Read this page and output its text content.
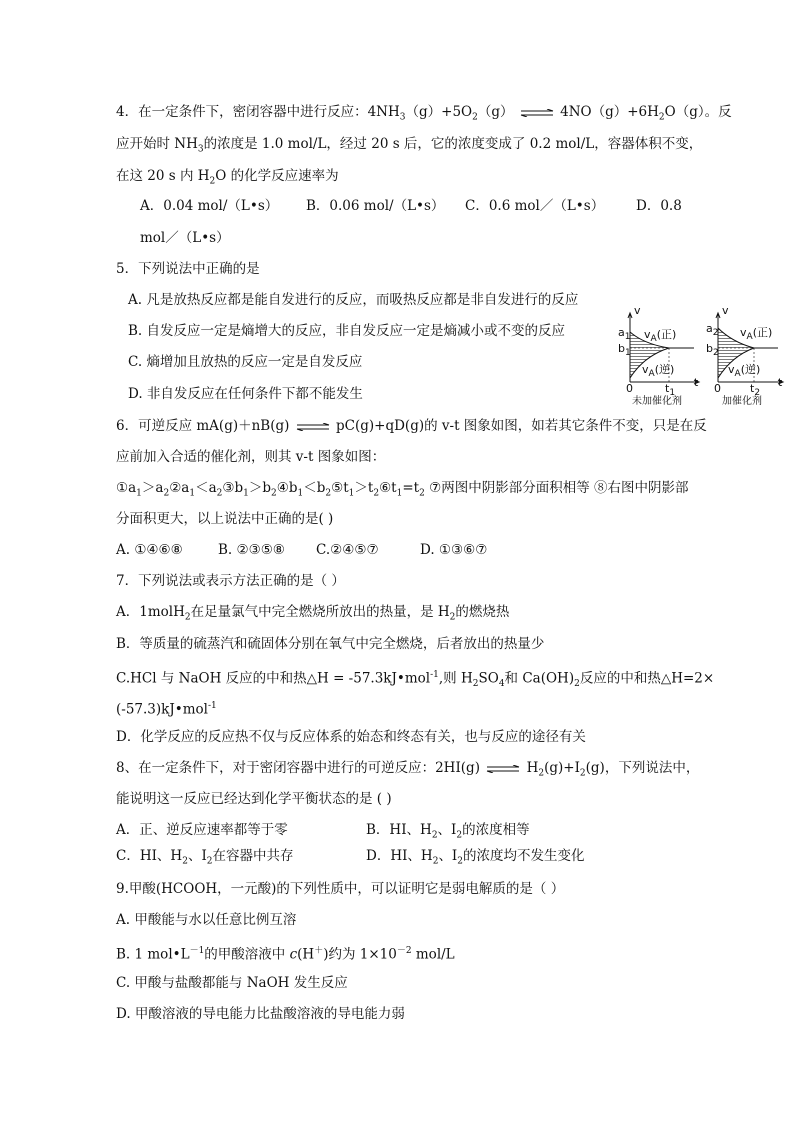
4．在一定条件下，密闭容器中进行反应：$4NH_3(g)+5O_2(g)$ ⇌ $4NO(g)+6H_2O(g)$。反
应开始时 $NH_3$的浓度是 1.0 mol/L，经过 20 s 后，它的浓度变成了 0.2 mol/L，容器体积不变，
在这 20 s 内 $H_2O$ 的化学反应速率为
A．0.04 mol/（L•s） B．0.06 mol/（L•s） C．0.6 mol／（L•s） D．0.8
mol／（L•s）
5．下列说法中正确的是
A. 凡是放热反应都是能自发进行的反应，而吸热反应都是非自发进行的反应
B. 自发反应一定是熵增大的反应，非自发反应一定是熵减小或不变的反应
C. 熵增加且放热的反应一定是自发反应
D. 非自发反应在任何条件下都不能发生
v
t
0
$a_1$
$b_1$
$t_1$
$v_A$(正)
$v_A$(逆)
v
t
0
$a_2$
$b_2$
$t_2$
$v_A$(正)
$v_A$(逆)
未加催化剂	加催化剂
6．可逆反应 mA(g)＋nB(g) ⇌ pC(g)+qD(g)的 v-t 图象如图，如若其它条件不变，只是在反
应前加入合适的催化剂，则其 v-t 图象如图：
$①a_1>a_2②a_1<a_2③b_1>b_2④b_1<b_2⑤t_1>t_2⑥t_1=t_2$ ⑦两图中阴影部分面积相等 ⑧右图中阴影部
分面积更大，以上说法中正确的是( )
A. ①④⑥⑧	B. ②③⑤⑧ C.②④⑤⑦	D. ①③⑥⑦
7．下列说法或表示方法正确的是（ ）
A．1molH$_2$在足量氯气中完全燃烧所放出的热量，是 $H_2$的燃烧热
B．等质量的硫蒸汽和硫固体分别在氧气中完全燃烧，后者放出的热量少
C.HCl 与 NaOH 反应的中和热△H = -57.3kJ•mol$^{-1}$,则 $H_2SO_4$和 $Ca(OH)_2$反应的中和热△H=2×
(-57.3)kJ•mol$^{-1}$
D．化学反应的反应热不仅与反应体系的始态和终态有关，也与反应的途径有关
8、在一定条件下，对于密闭容器中进行的可逆反应：2HI(g) ⇌ $H_2(g)+I_2(g)$，下列说法中，
能说明这一反应已经达到化学平衡状态的是 ( )
A．正、逆反应速率都等于零	B．HI、$H_2$、$I_2$的浓度相等
C．HI、$H_2$、$I_2$在容器中共存	D．HI、$H_2$、$I_2$的浓度均不发生变化
9.甲酸(HCOOH，一元酸)的下列性质中，可以证明它是弱电解质的是（ ）
A. 甲酸能与水以任意比例互溶
B. 1 $mol•L^{-1}$的甲酸溶液中 c(H＋)约为 $1\times 10^{-2}$ mol/L
C. 甲酸与盐酸都能与 NaOH 发生反应
D. 甲酸溶液的导电能力比盐酸溶液的导电能力弱
